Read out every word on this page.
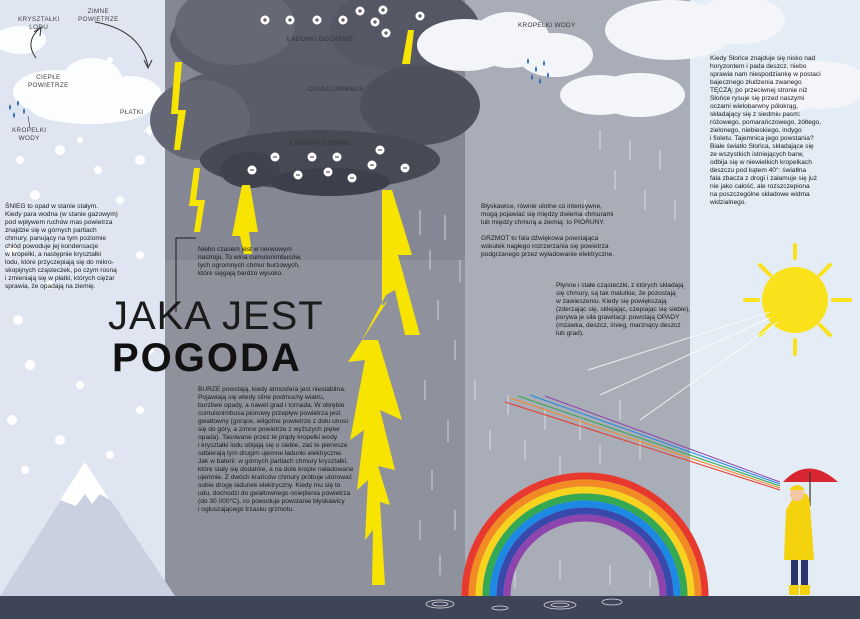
KRYSZTAŁKI
LODU
ZIMNE
POWIETRZE
CIEPŁE
POWIETRZE
PŁATKI
KROPELKI
WODY
KROPELKI WODY
ŁADUNKI DODATNIE
CUMULONIMBUS
ŁADUNKI UJEMNE
JAKA JEST
POGODA
ŚNIEG to opad w stanie stałym.
Kiedy para wodna (w stanie gazowym)
pod wpływem ruchów mas powietrza
znajdzie się w górnych partiach
chmury, panujący na tym poziomie
chłód powoduje jej kondensacje
w kropelki, a następnie kryształki
lodu, które przyczepiają się do mikro-
skopijnych cząsteczek, po czym rosną
i zmieniają się w płatki, których ciężar
sprawia, że opadają na ziemię.
Niebo czasem jest w nerwowym
nastroju. To wina cumulonimbusów,
tych ogromnych chmur burzowych,
które sięgają bardzo wysoko.
BURZE powstają, kiedy atmosfera jest niestabilna.
Pojawiają się wtedy silne podmuchy wiatru,
burzliwe opady, a nawet grad i tornada. W obrębie
cumulonimbusa pionowy przepływ powietrza jest
gwałtowny (gorące, wilgotne powietrze z dołu unosi
się do góry, a zimne powietrze z wyższych pięter
opada). Tasowane przez te prądy kropelki wody
i kryształki lodu obijają się o siebie, zaś te pierwsze
odbierają tym drugim ujemne ładunki elektryczne.
Jak w baterii: w górnych partiach chmury kryształki,
które stały się dodatnie, a na dole kropie naładowane
ujemnie. Z dwóch krańców chmury próbuje utorować
sobie drogę ładunek elektryczny. Kiedy mu się to
udu, dochodzi do gwałtownego ocieplenia powietrza
(do 30 000°C), co powoduje powstanie błyskawicy
i ogłuszającego trzasku grzmotu.
Błyskawice, równie ulotne co intensywne,
mogą pojawiać się między dwiema chmurami
lub między chmurą a ziemią: to PIORUNY.
GRZMOT to fala dźwiękowa powstająca
wskutek nagłego rozrzerzania się powietrza
podgrzanego przez wyładowanie elektryczne.
Płynne i stałe cząsteczki, z których składają
się chmury, są tak malutkie, że pozostają
w zawieszeniu. Kiedy się powiększają
(zderzając się, sklejając, czepiając się siebie),
porywa je siła grawitacji: powstają OPADY
(mżawka, deszcz, śnieg, marznący deszcz
lub grad).
Kiedy Słońce znajduje się nisko nad
horyzontem i pada deszcz, niebo
sprawia nam niespodziankę w postaci
bajecznego złudzenia zwanego
TĘCZĄ: po przeciwnej stronie niż
Słońce rysuje się przed naszymi
oczami wielobarwny półokrąg,
składający się z siedmiu pasm:
różowego, pomarańczowego, żółtego,
zielonego, niebieskiego, indygo
i fioletu. Tajemnica jego powstania?
Białe światło Słońca, składające się
ze wszystkich istniejących barw,
odbija się w niewielkich kropelkach
deszczu pod kątem 40°: światłna
fala zbacza z drogi i załamuje się już
nie jako całość, ale rozszczepiona
na poszczególne składowe widma
widzialnego.
